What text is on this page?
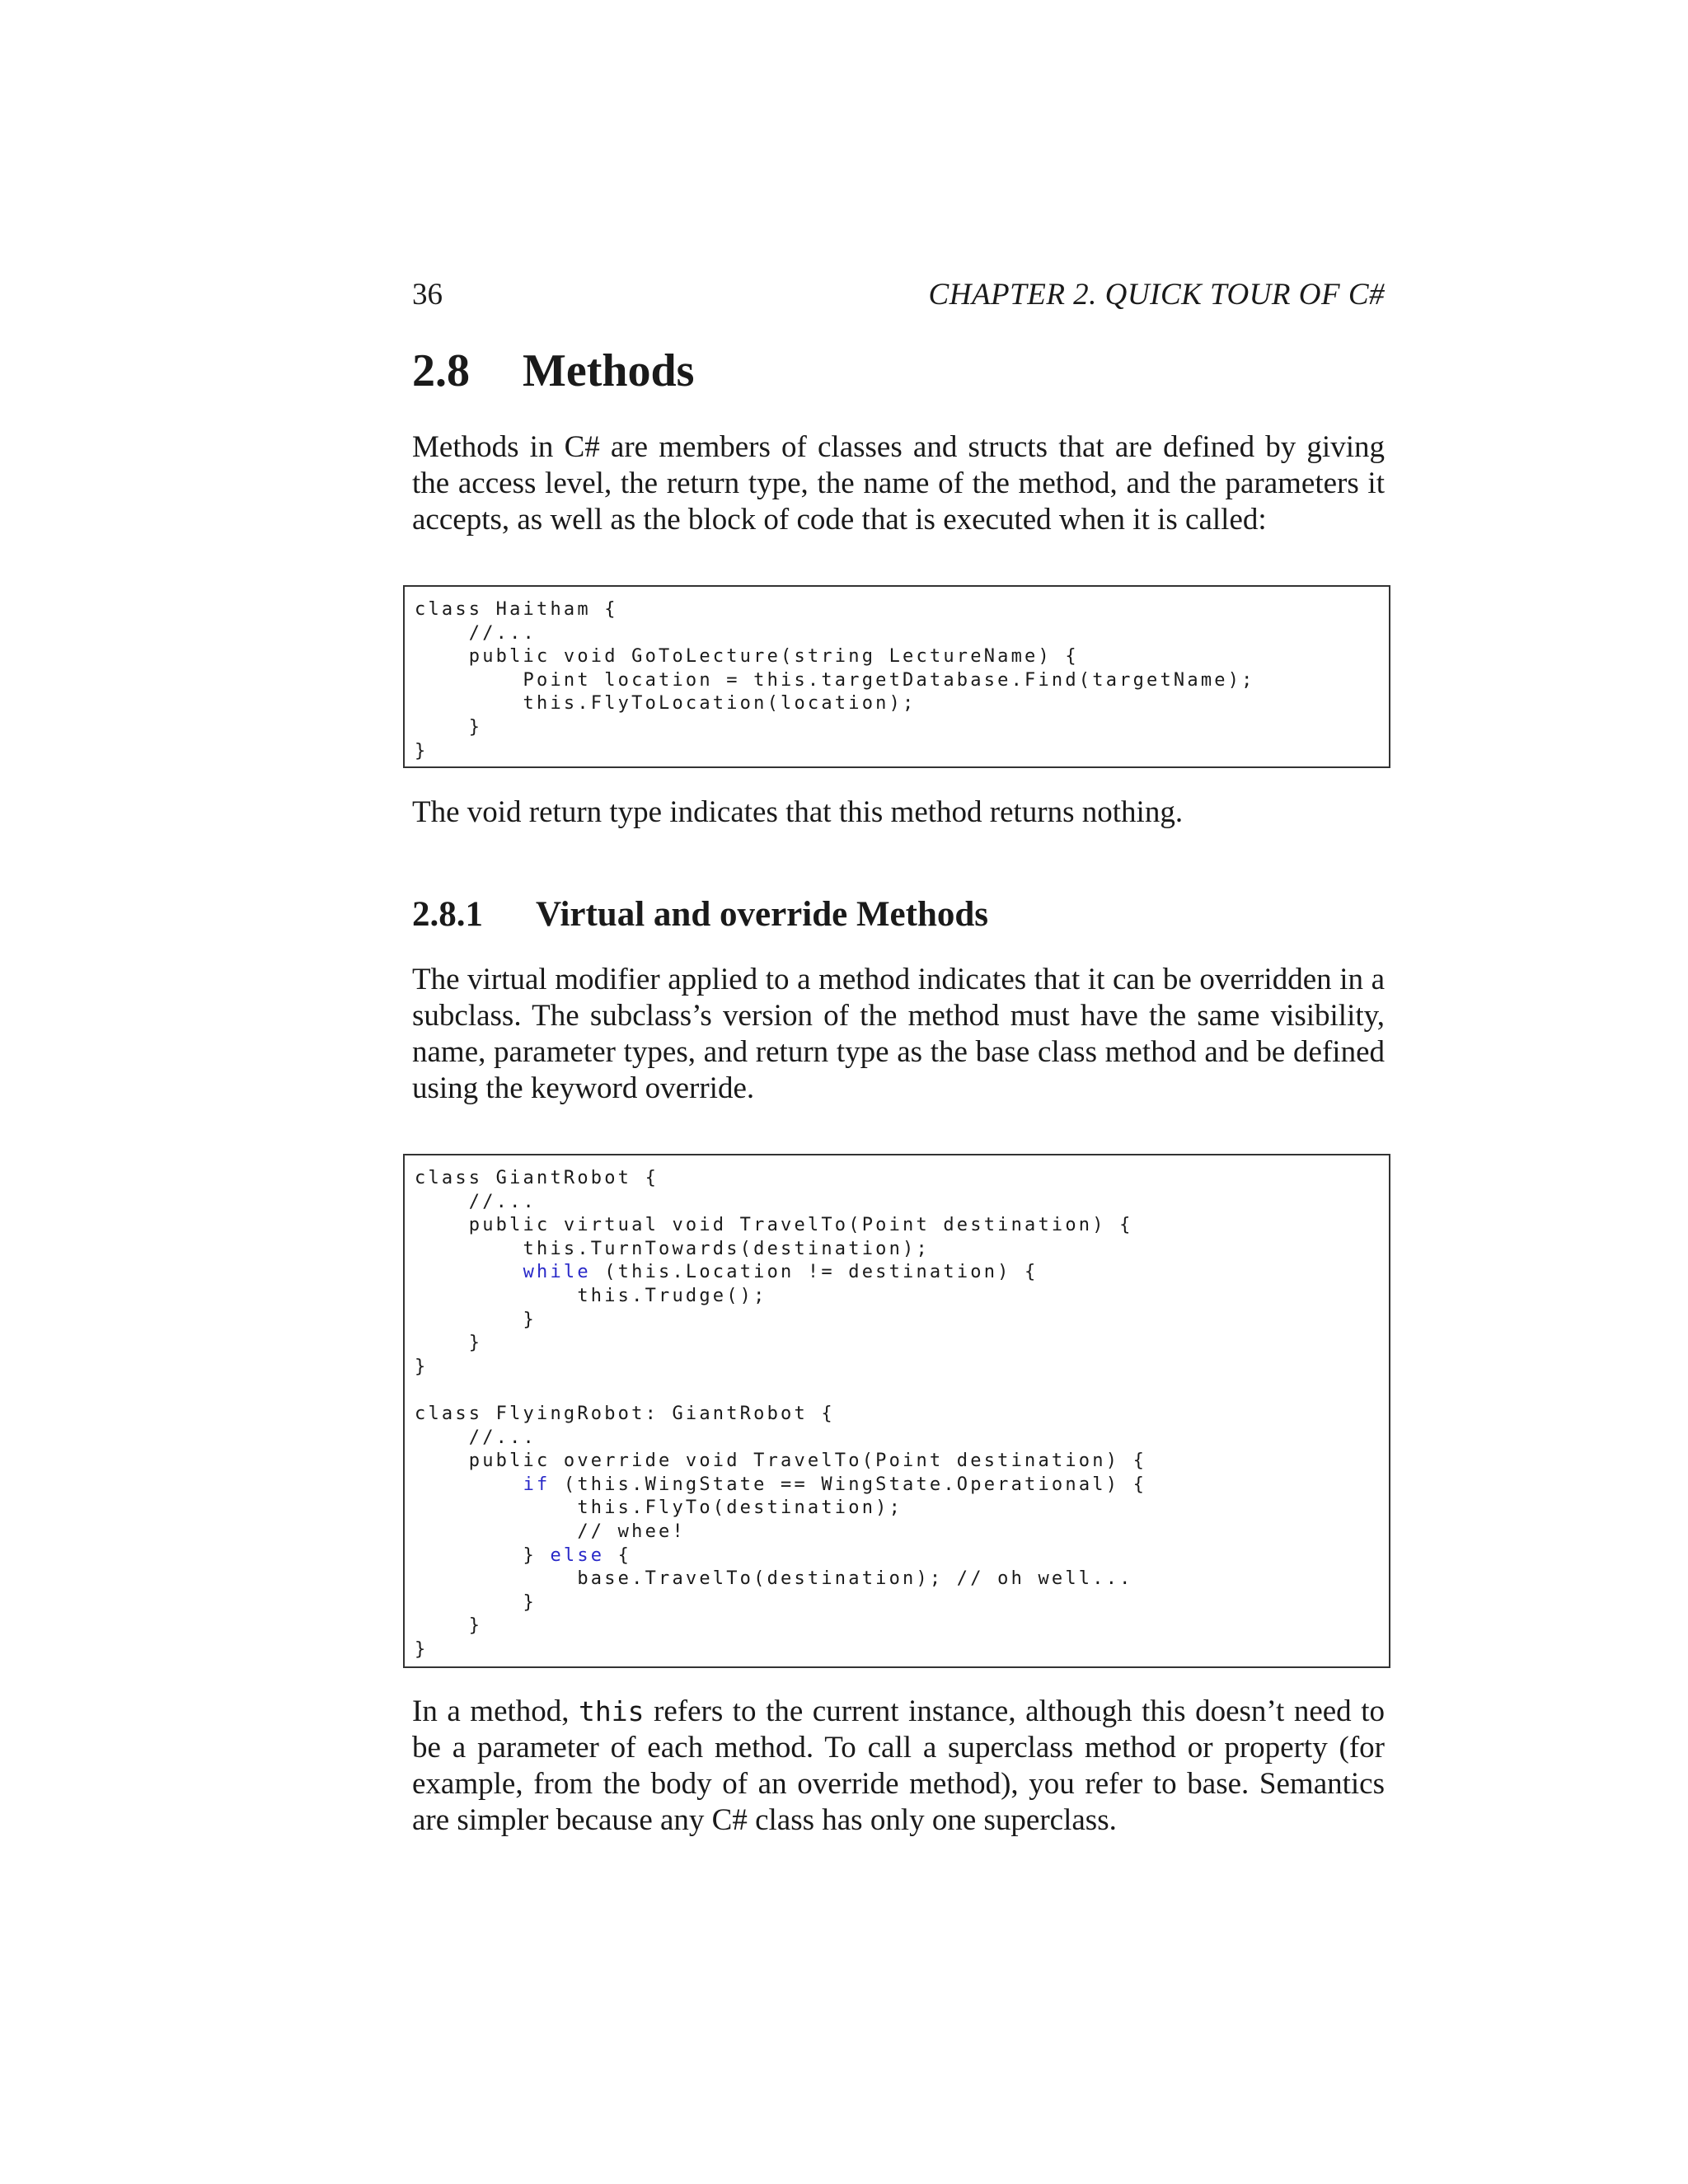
36	CHAPTER 2. QUICK TOUR OF C#
2.8 Methods

Methods in C# are members of classes and structs that are defined by giving the access level, the return type, the name of the method, and the parameters it accepts, as well as the block of code that is executed when it is called:

class Haitham {
//...
public void GoToLecture(string LectureName) {
Point location = this.targetDatabase.Find(targetName);
this.FlyToLocation(location);
}
}

The void return type indicates that this method returns nothing.

2.8.1 Virtual and override Methods

The virtual modifier applied to a method indicates that it can be overridden in a subclass. The subclass’s version of the method must have the same visibility, name, parameter types, and return type as the base class method and be defined using the keyword override.

class GiantRobot {
//...
public virtual void TravelTo(Point destination) {
this.TurnTowards(destination);
while (this.Location != destination) {
this.Trudge();
}
}
}
class FlyingRobot: GiantRobot {
//...
public override void TravelTo(Point destination) {
if (this.WingState == WingState.Operational) {
this.FlyTo(destination);
// whee!
} else {
base.TravelTo(destination); // oh well...
}
}
}

In a method, this refers to the current instance, although this doesn’t need to be a parameter of each method. To call a superclass method or property (for example, from the body of an override method), you refer to base. Semantics are simpler because any C# class has only one superclass.
